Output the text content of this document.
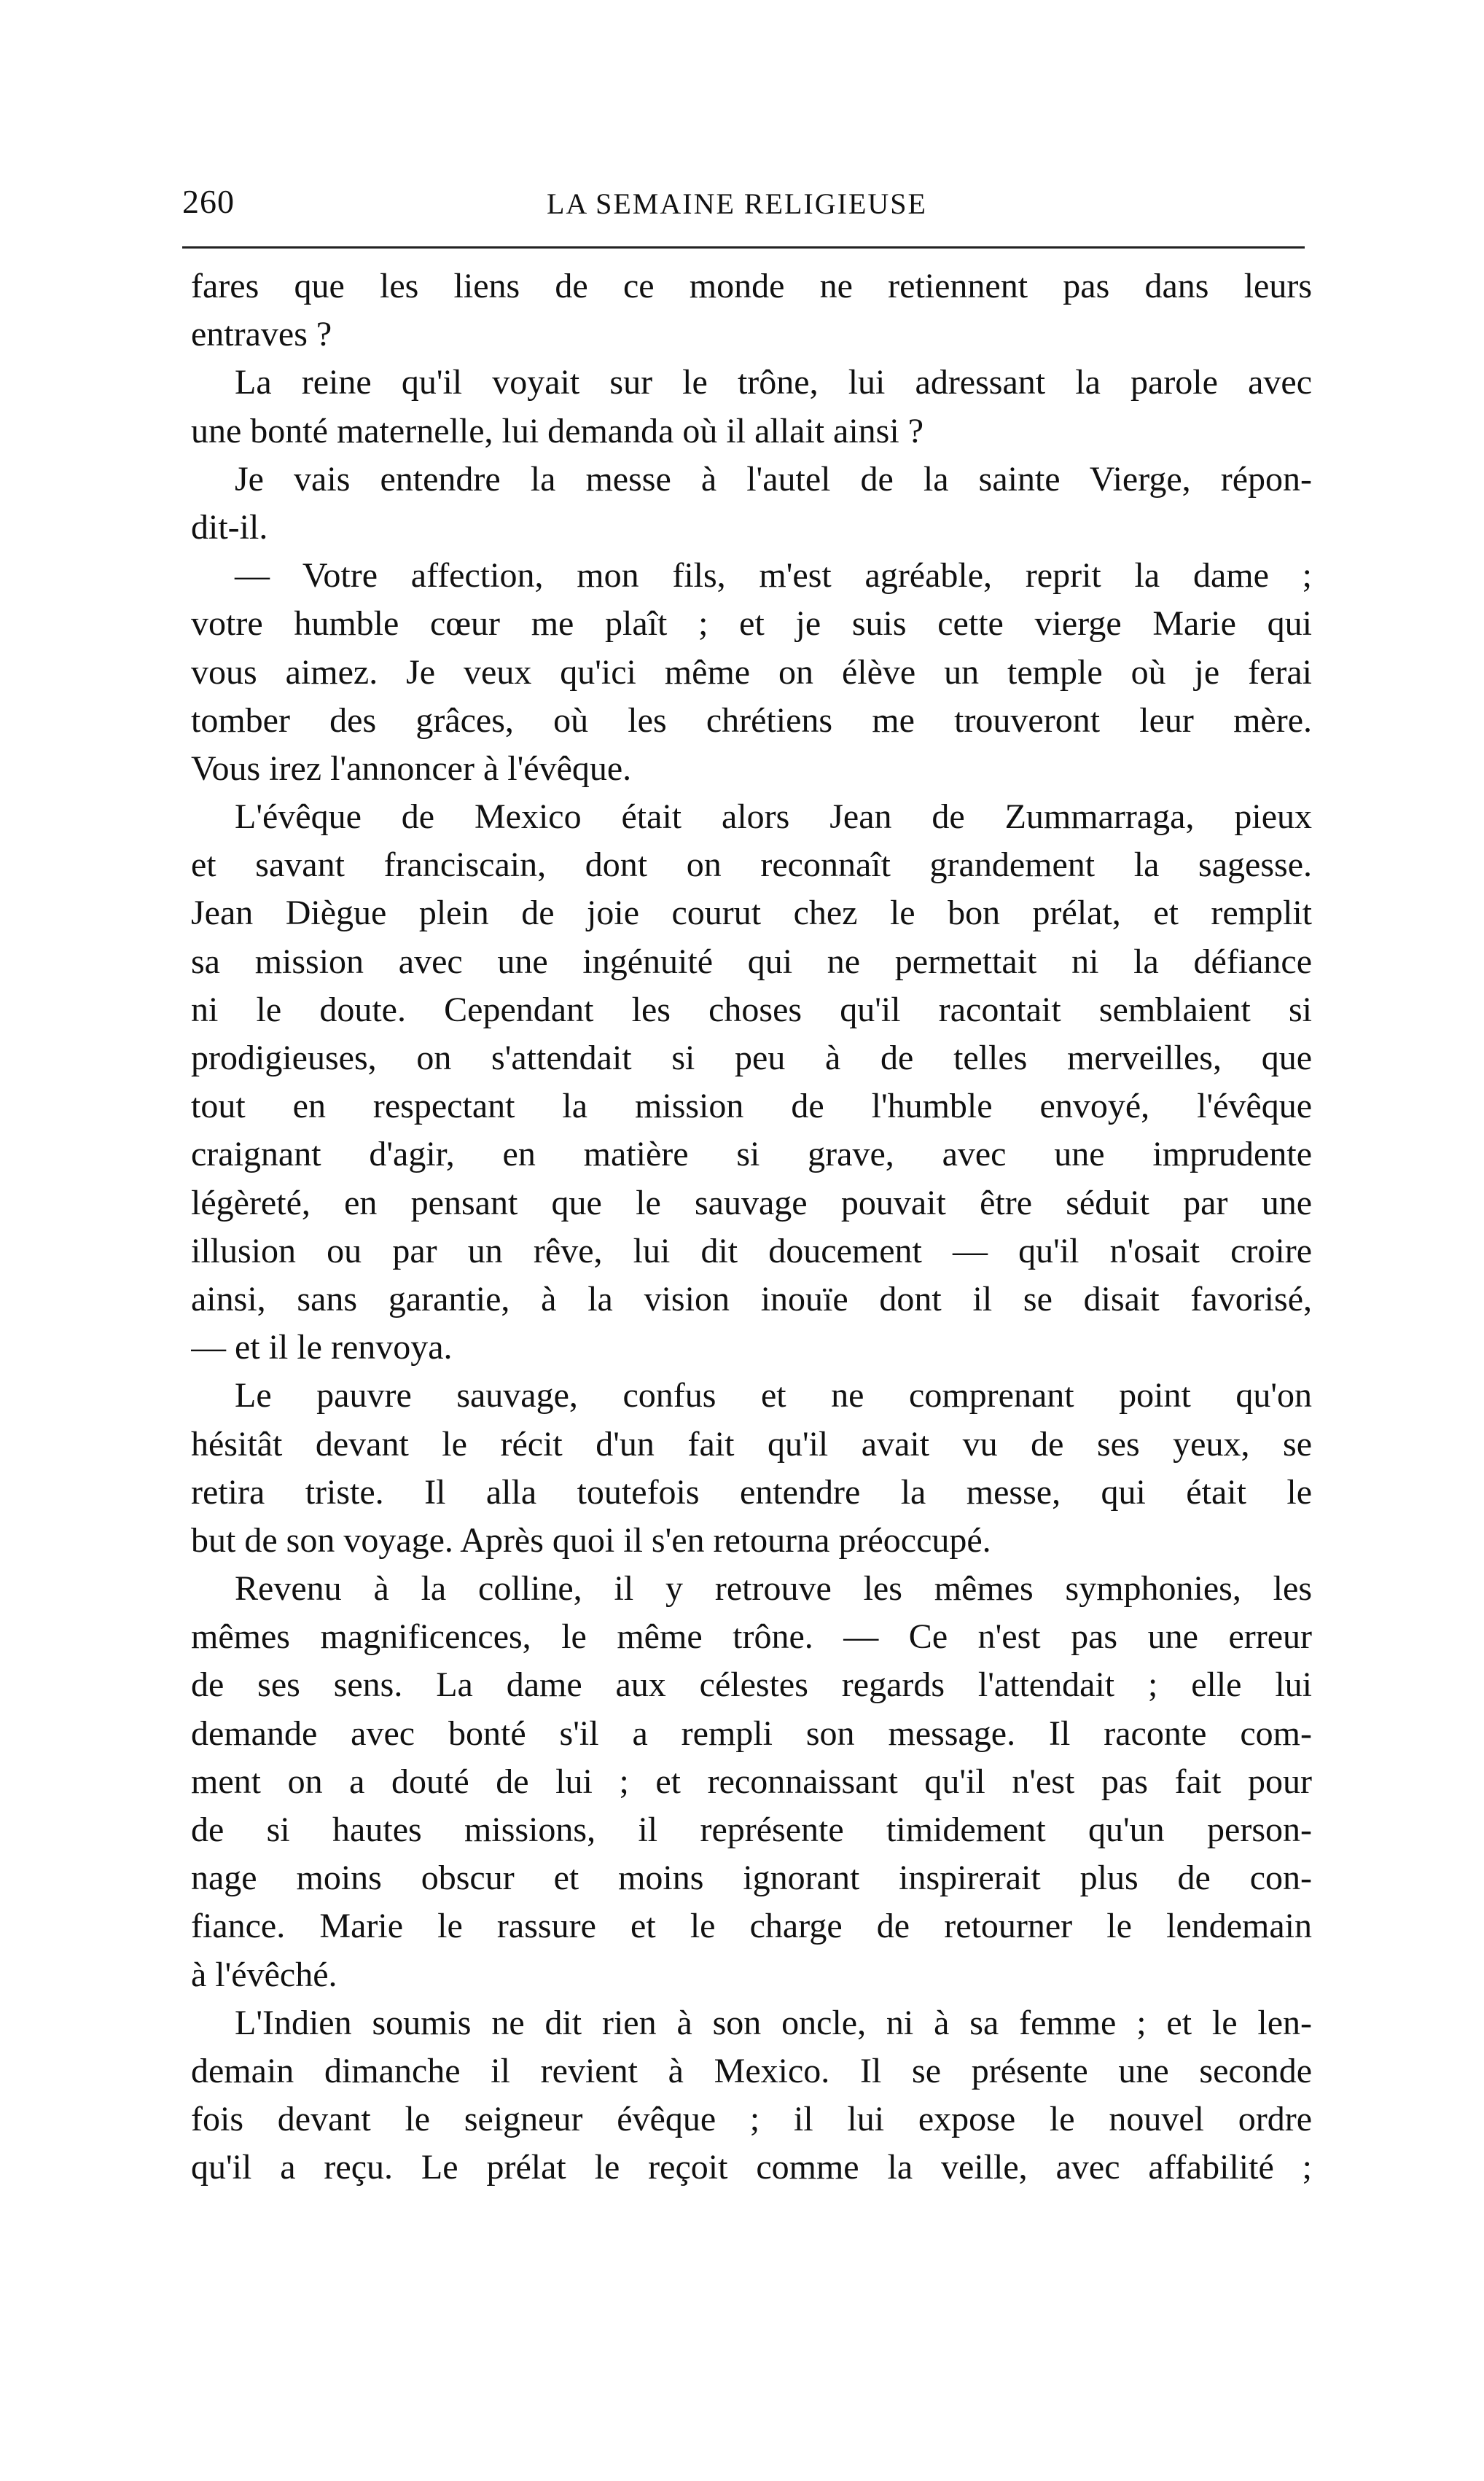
260	LA SEMAINE RELIGIEUSE
fares que les liens de ce monde ne retiennent pas dans leurs
entraves ?
La reine qu'il voyait sur le trône, lui adressant la parole avec
une bonté maternelle, lui demanda où il allait ainsi ?
Je vais entendre la messe à l'autel de la sainte Vierge, répon-
dit-il.
— Votre affection, mon fils, m'est agréable, reprit la dame ;
votre humble cœur me plaît ; et je suis cette vierge Marie qui
vous aimez. Je veux qu'ici même on élève un temple où je ferai
tomber des grâces, où les chrétiens me trouveront leur mère.
Vous irez l'annoncer à l'évêque.
L'évêque de Mexico était alors Jean de Zummarraga, pieux
et savant franciscain, dont on reconnaît grandement la sagesse.
Jean Diègue plein de joie courut chez le bon prélat, et remplit
sa mission avec une ingénuité qui ne permettait ni la défiance
ni le doute. Cependant les choses qu'il racontait semblaient si
prodigieuses, on s'attendait si peu à de telles merveilles, que
tout en respectant la mission de l'humble envoyé, l'évêque
craignant d'agir, en matière si grave, avec une imprudente
légèreté, en pensant que le sauvage pouvait être séduit par une
illusion ou par un rêve, lui dit doucement — qu'il n'osait croire
ainsi, sans garantie, à la vision inouïe dont il se disait favorisé,
— et il le renvoya.
Le pauvre sauvage, confus et ne comprenant point qu'on
hésitât devant le récit d'un fait qu'il avait vu de ses yeux, se
retira triste. Il alla toutefois entendre la messe, qui était le
but de son voyage. Après quoi il s'en retourna préoccupé.
Revenu à la colline, il y retrouve les mêmes symphonies, les
mêmes magnificences, le même trône. — Ce n'est pas une erreur
de ses sens. La dame aux célestes regards l'attendait ; elle lui
demande avec bonté s'il a rempli son message. Il raconte com-
ment on a douté de lui ; et reconnaissant qu'il n'est pas fait pour
de si hautes missions, il représente timidement qu'un person-
nage moins obscur et moins ignorant inspirerait plus de con-
fiance. Marie le rassure et le charge de retourner le lendemain
à l'évêché.
L'Indien soumis ne dit rien à son oncle, ni à sa femme ; et le len-
demain dimanche il revient à Mexico. Il se présente une seconde
fois devant le seigneur évêque ; il lui expose le nouvel ordre
qu'il a reçu. Le prélat le reçoit comme la veille, avec affabilité ;
